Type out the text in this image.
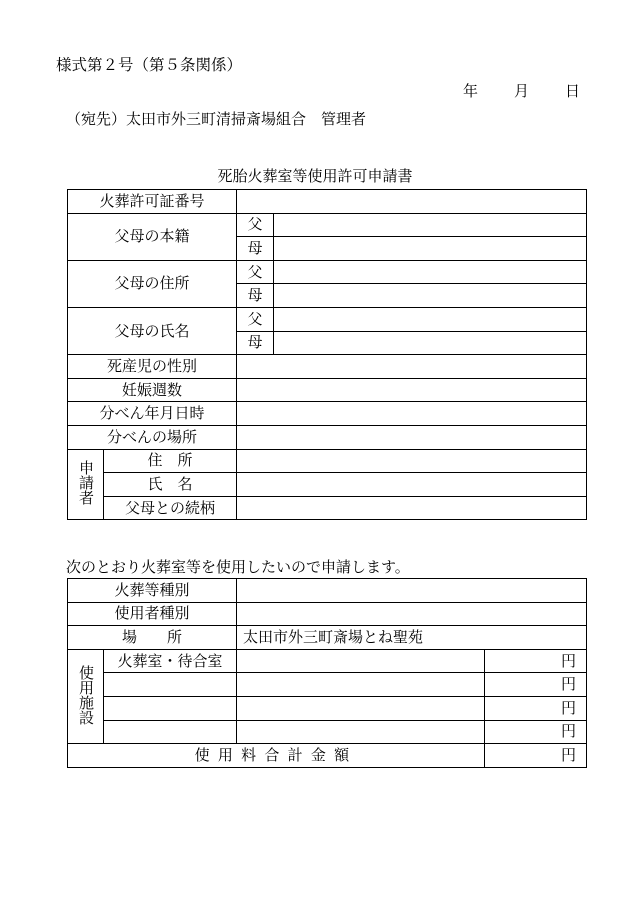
様式第２号（第５条関係）
年 月 日
（宛先）太田市外三町清掃斎場組合　管理者
死胎火葬室等使用許可申請書
火葬許可証番号			
父母の本籍		父	
		母	
父母の住所		父	
		母	
父母の氏名		父	
		母	
死産児の性別			
妊娠週数			
分べん年月日時			
分べんの場所			
申請者	住　所		
	氏　名		
	父母との続柄		
次のとおり火葬室等を使用したいので申請します。
火葬等種別			
使用者種別			
場　　所		太田市外三町斎場とね聖苑	
使用施設	火葬室・待合室		円
			円
			円
			円
使用料合計金額			円
